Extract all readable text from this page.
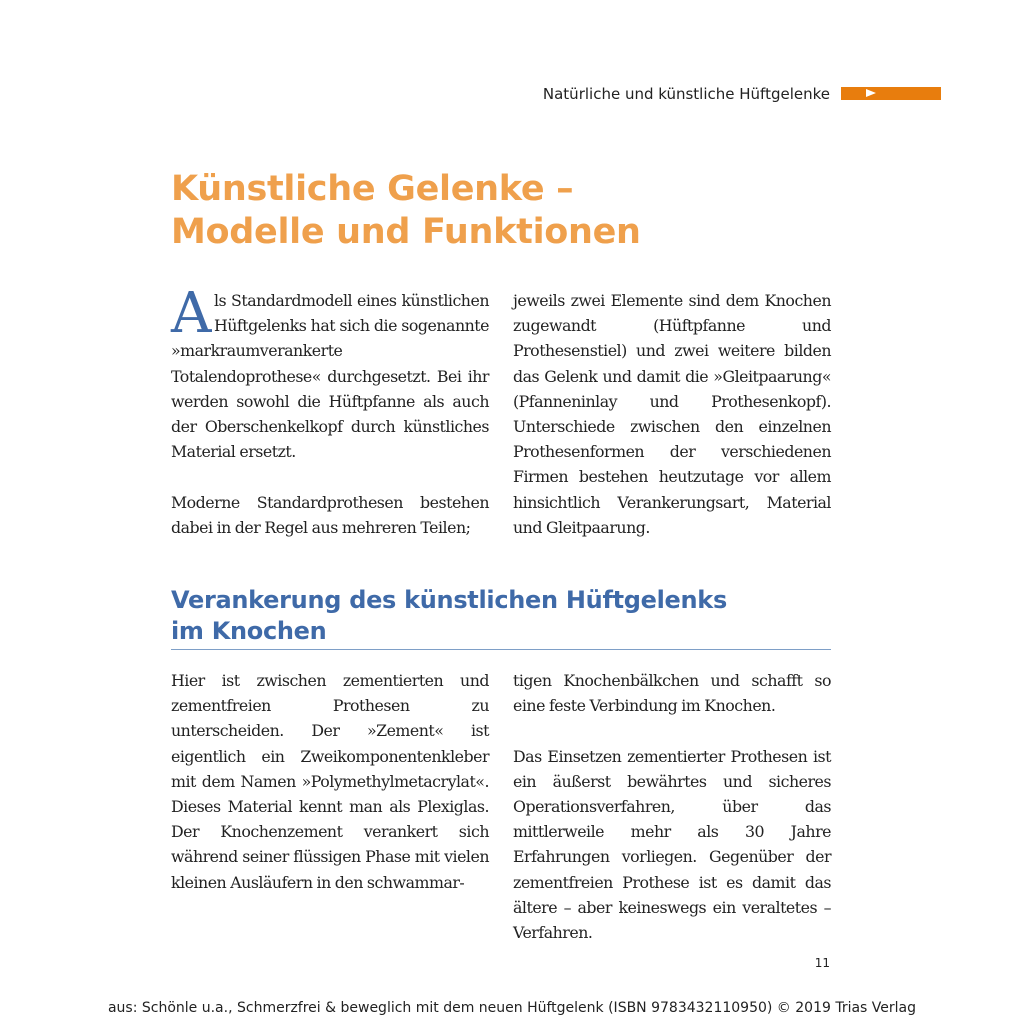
Natürliche und künstliche Hüftgelenke
Künstliche Gelenke –
Modelle und Funktionen

Als Standardmodell eines künstlichen Hüftgelenks hat sich die sogenannte »markraumverankerte Totalendoprothese« durchgesetzt. Bei ihr werden sowohl die Hüftpfanne als auch der Oberschenkelkopf durch künstliches Material ersetzt.

Moderne Standardprothesen bestehen dabei in der Regel aus mehreren Teilen;

jeweils zwei Elemente sind dem Knochen zugewandt (Hüftpfanne und Prothesenstiel) und zwei weitere bilden das Gelenk und damit die »Gleitpaarung« (Pfanneninlay und Prothesenkopf). Unterschiede zwischen den einzelnen Prothesenformen der verschiedenen Firmen bestehen heutzutage vor allem hinsichtlich Verankerungsart, Material und Gleitpaarung.

Verankerung des künstlichen Hüftgelenks
im Knochen

Hier ist zwischen zementierten und zementfreien Prothesen zu unterscheiden. Der »Zement« ist eigentlich ein Zweikomponentenkleber mit dem Namen »Polymethylmetacrylat«. Dieses Material kennt man als Plexiglas. Der Knochenzement verankert sich während seiner flüssigen Phase mit vielen kleinen Ausläufern in den schwammar-

tigen Knochenbälkchen und schafft so eine feste Verbindung im Knochen.

Das Einsetzen zementierter Prothesen ist ein äußerst bewährtes und sicheres Operationsverfahren, über das mittlerweile mehr als 30 Jahre Erfahrungen vorliegen. Gegenüber der zementfreien Prothese ist es damit das ältere – aber keineswegs ein veraltetes – Verfahren.

11
aus: Schönle u.a., Schmerzfrei & beweglich mit dem neuen Hüftgelenk (ISBN 9783432110950) © 2019 Trias Verlag
